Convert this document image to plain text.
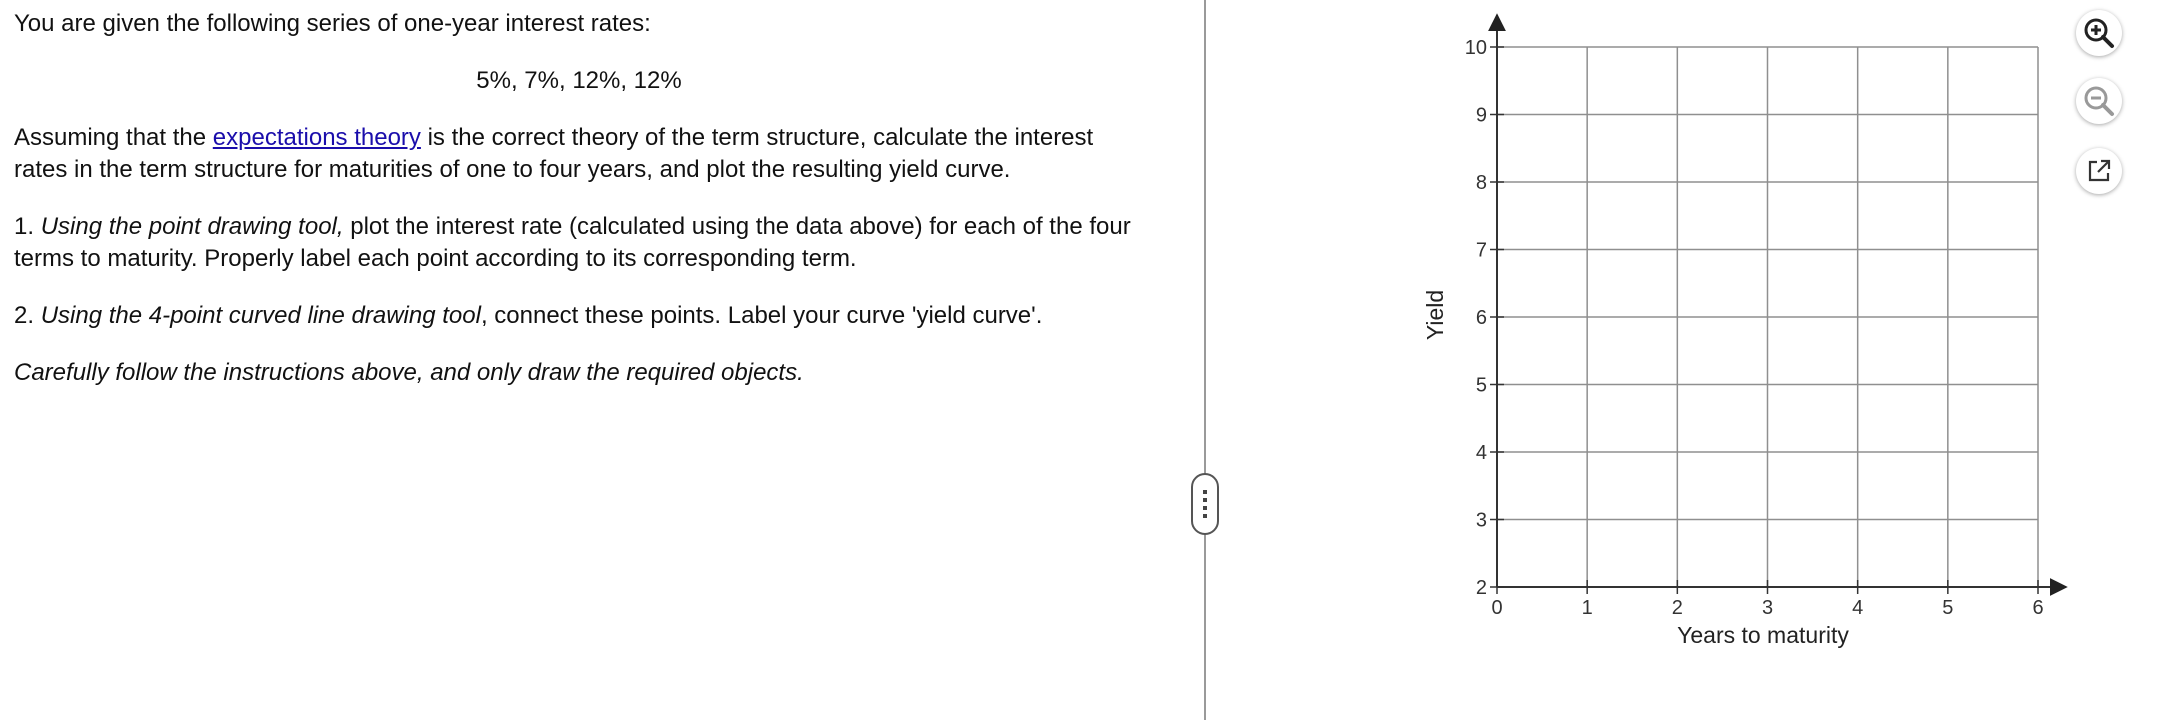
You are given the following series of one-year interest rates:

5%, 7%, 12%, 12%

Assuming that the expectations theory is the correct theory of the term structure, calculate the interest rates in the term structure for maturities of one to four years, and plot the resulting yield curve.

1. Using the point drawing tool, plot the interest rate (calculated using the data above) for each of the four terms to maturity. Properly label each point according to its corresponding term.

2. Using the 4-point curved line drawing tool, connect these points. Label your curve 'yield curve'.

Carefully follow the instructions above, and only draw the required objects.

0	1	2	3	4	5	6
2
3
4
5
6
7
8
9
10
Years to maturity
Yield
